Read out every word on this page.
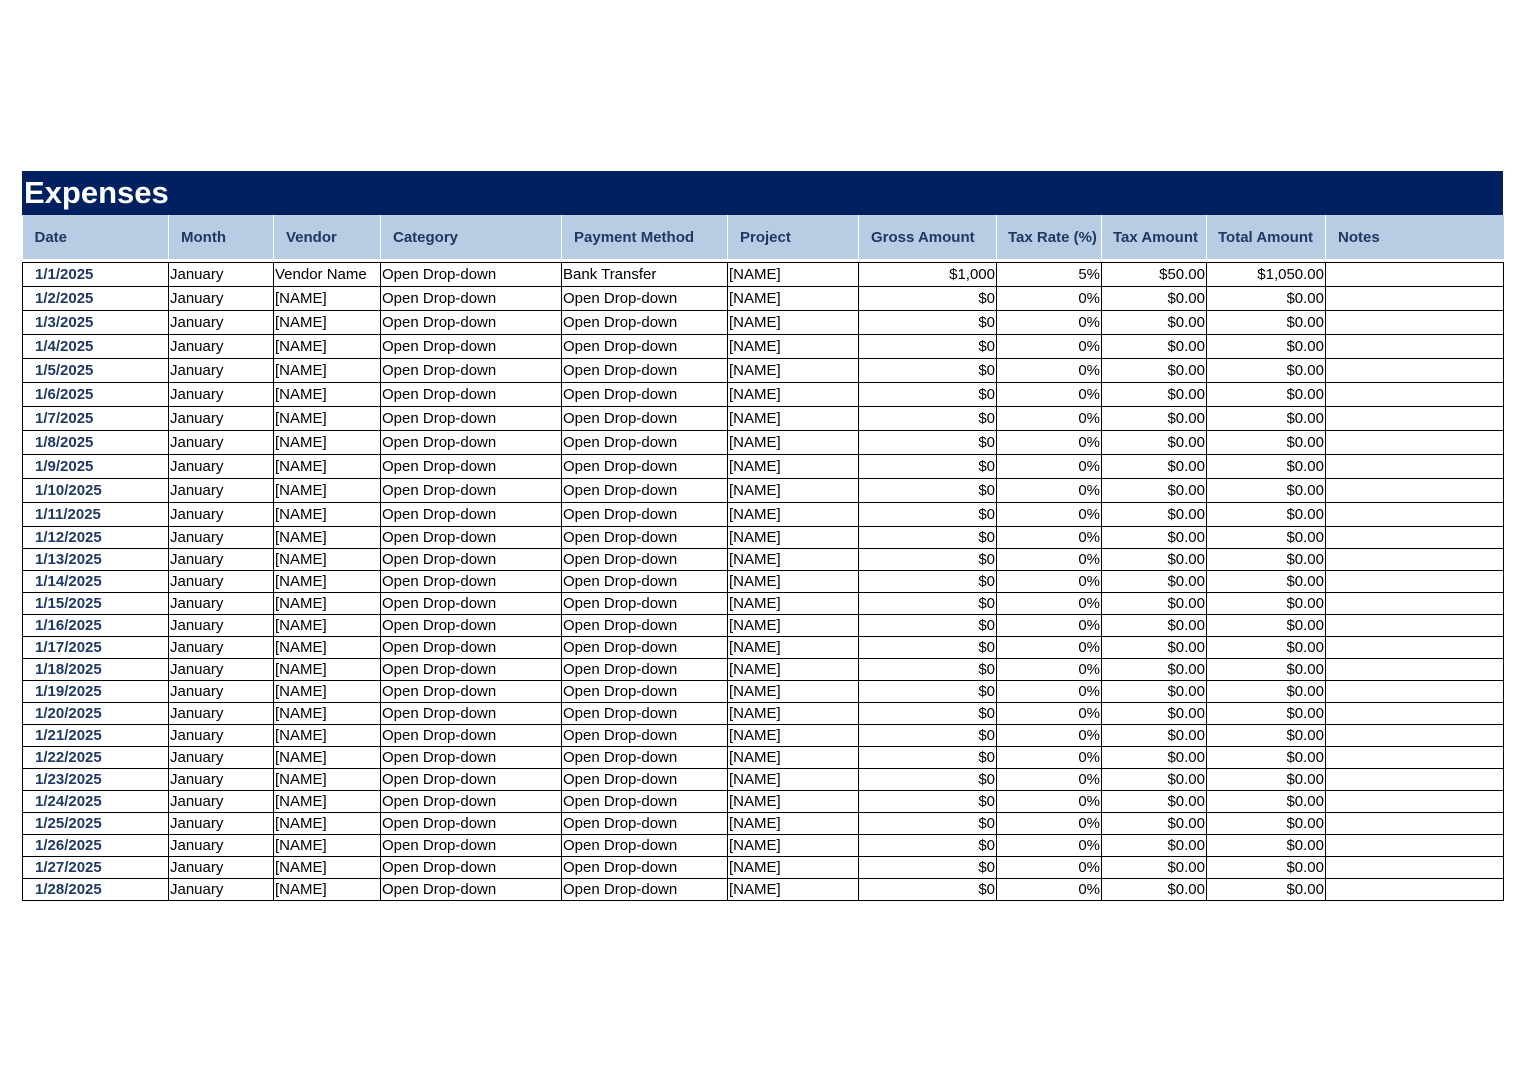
Expenses
Date	Month	Vendor	Category	Payment Method	Project	Gross Amount	Tax Rate (%)	Tax Amount	Total Amount	Notes

1/1/2025	January	Vendor Name	Open Drop-down	Bank Transfer	[NAME]	$1,000	5%	$50.00	$1,050.00	
1/2/2025	January	[NAME]	Open Drop-down	Open Drop-down	[NAME]	$0	0%	$0.00	$0.00	
1/3/2025	January	[NAME]	Open Drop-down	Open Drop-down	[NAME]	$0	0%	$0.00	$0.00	
1/4/2025	January	[NAME]	Open Drop-down	Open Drop-down	[NAME]	$0	0%	$0.00	$0.00	
1/5/2025	January	[NAME]	Open Drop-down	Open Drop-down	[NAME]	$0	0%	$0.00	$0.00	
1/6/2025	January	[NAME]	Open Drop-down	Open Drop-down	[NAME]	$0	0%	$0.00	$0.00	
1/7/2025	January	[NAME]	Open Drop-down	Open Drop-down	[NAME]	$0	0%	$0.00	$0.00	
1/8/2025	January	[NAME]	Open Drop-down	Open Drop-down	[NAME]	$0	0%	$0.00	$0.00	
1/9/2025	January	[NAME]	Open Drop-down	Open Drop-down	[NAME]	$0	0%	$0.00	$0.00	
1/10/2025	January	[NAME]	Open Drop-down	Open Drop-down	[NAME]	$0	0%	$0.00	$0.00	
1/11/2025	January	[NAME]	Open Drop-down	Open Drop-down	[NAME]	$0	0%	$0.00	$0.00	
1/12/2025	January	[NAME]	Open Drop-down	Open Drop-down	[NAME]	$0	0%	$0.00	$0.00	
1/13/2025	January	[NAME]	Open Drop-down	Open Drop-down	[NAME]	$0	0%	$0.00	$0.00	
1/14/2025	January	[NAME]	Open Drop-down	Open Drop-down	[NAME]	$0	0%	$0.00	$0.00	
1/15/2025	January	[NAME]	Open Drop-down	Open Drop-down	[NAME]	$0	0%	$0.00	$0.00	
1/16/2025	January	[NAME]	Open Drop-down	Open Drop-down	[NAME]	$0	0%	$0.00	$0.00	
1/17/2025	January	[NAME]	Open Drop-down	Open Drop-down	[NAME]	$0	0%	$0.00	$0.00	
1/18/2025	January	[NAME]	Open Drop-down	Open Drop-down	[NAME]	$0	0%	$0.00	$0.00	
1/19/2025	January	[NAME]	Open Drop-down	Open Drop-down	[NAME]	$0	0%	$0.00	$0.00	
1/20/2025	January	[NAME]	Open Drop-down	Open Drop-down	[NAME]	$0	0%	$0.00	$0.00	
1/21/2025	January	[NAME]	Open Drop-down	Open Drop-down	[NAME]	$0	0%	$0.00	$0.00	
1/22/2025	January	[NAME]	Open Drop-down	Open Drop-down	[NAME]	$0	0%	$0.00	$0.00	
1/23/2025	January	[NAME]	Open Drop-down	Open Drop-down	[NAME]	$0	0%	$0.00	$0.00	
1/24/2025	January	[NAME]	Open Drop-down	Open Drop-down	[NAME]	$0	0%	$0.00	$0.00	
1/25/2025	January	[NAME]	Open Drop-down	Open Drop-down	[NAME]	$0	0%	$0.00	$0.00	
1/26/2025	January	[NAME]	Open Drop-down	Open Drop-down	[NAME]	$0	0%	$0.00	$0.00	
1/27/2025	January	[NAME]	Open Drop-down	Open Drop-down	[NAME]	$0	0%	$0.00	$0.00	
1/28/2025	January	[NAME]	Open Drop-down	Open Drop-down	[NAME]	$0	0%	$0.00	$0.00	
